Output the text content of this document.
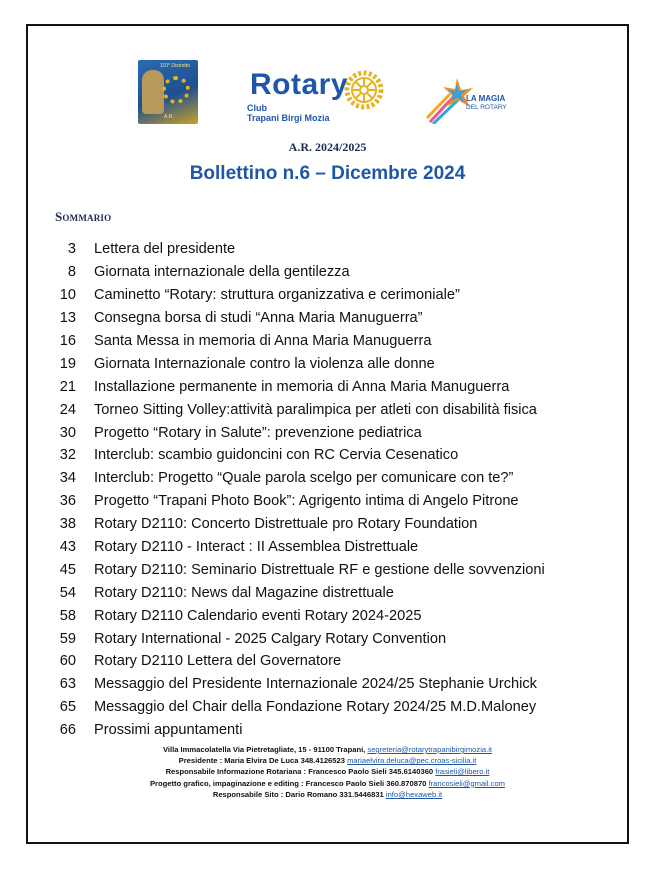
110° Distretto
A.R.
Rotary
Club
Trapani Birgi Mozia
LA MAGIA
DEL ROTARY
A.R. 2024/2025
Bollettino n.6 – Dicembre 2024
Sommario
3 Lettera del presidente
8 Giornata internazionale della gentilezza
10 Caminetto “Rotary: struttura organizzativa e cerimoniale”
13 Consegna borsa di studi “Anna Maria Manuguerra”
16 Santa Messa in memoria di Anna Maria Manuguerra
19 Giornata Internazionale contro la violenza alle donne
21 Installazione permanente in memoria di Anna Maria Manuguerra
24 Torneo Sitting Volley:attività paralimpica per atleti con disabilità fisica
30 Progetto “Rotary in Salute”: prevenzione pediatrica
32 Interclub: scambio guidoncini con RC Cervia Cesenatico
34 Interclub: Progetto “Quale parola scelgo per comunicare con te?”
36 Progetto “Trapani Photo Book”: Agrigento intima di Angelo Pitrone
38 Rotary D2110: Concerto Distrettuale pro Rotary Foundation
43 Rotary D2110 - Interact : II Assemblea Distrettuale
45 Rotary D2110: Seminario Distrettuale RF e gestione delle sovvenzioni
54 Rotary D2110: News dal Magazine distrettuale
58 Rotary D2110 Calendario eventi Rotary 2024-2025
59 Rotary International - 2025 Calgary Rotary Convention
60 Rotary D2110 Lettera del Governatore
63 Messaggio del Presidente Internazionale 2024/25 Stephanie Urchick
65 Messaggio del Chair della Fondazione Rotary 2024/25 M.D.Maloney
66 Prossimi appuntamenti
Villa Immacolatella Via Pietretagliate, 15 - 91100 Trapani, segreteria@rotarytrapanibirgimozia.it
Presidente : Maria Elvira De Luca 348.4126523 mariaelvira.deluca@pec.croas-sicilia.it
Responsabile Informazione Rotariana : Francesco Paolo Sieli 345.6140360 frasieli@libero.it
Progetto grafico, impaginazione e editing : Francesco Paolo Sieli 360.870870 francosieli@gmail.com
Responsabile Sito : Dario Romano 331.5446831 info@hexaweb.it
